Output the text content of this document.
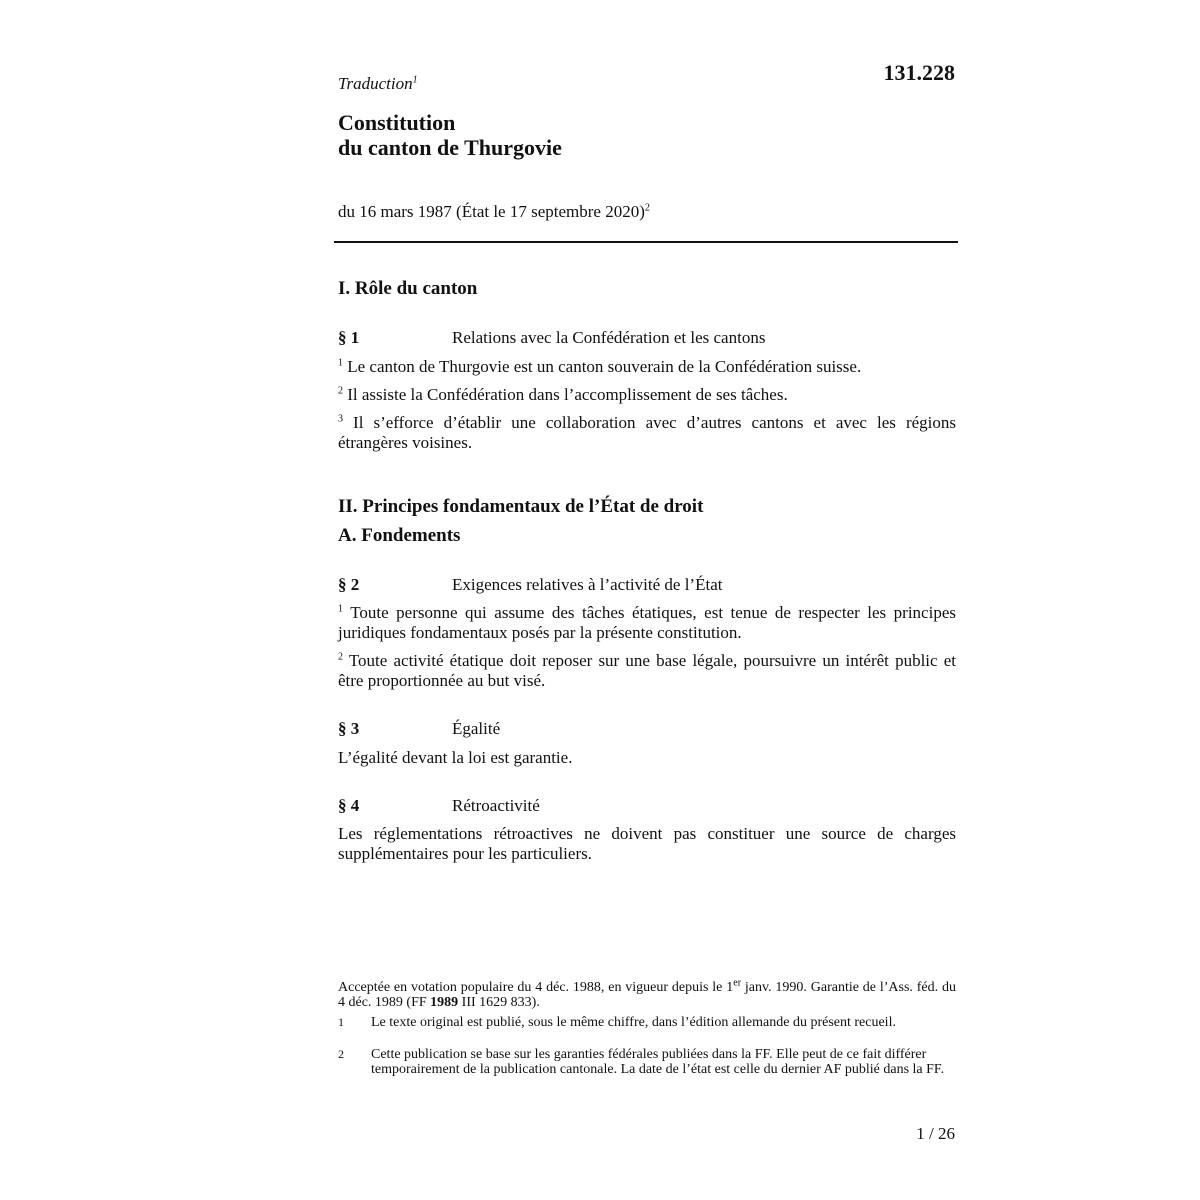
Traduction$^1$	131.228
Constitution
du canton de Thurgovie
du 16 mars 1987 (État le 17 septembre 2020)$^2$
I. Rôle du canton
§ 1	Relations avec la Confédération et les cantons
$^1$ Le canton de Thurgovie est un canton souverain de la Confédération suisse.
$^2$ Il assiste la Confédération dans l’accomplissement de ses tâches.
$^3$ Il s’efforce d’établir une collaboration avec d’autres cantons et avec les régions étrangères voisines.
II. Principes fondamentaux de l’État de droit
A. Fondements
§ 2	Exigences relatives à l’activité de l’État
$^1$ Toute personne qui assume des tâches étatiques, est tenue de respecter les principes juridiques fondamentaux posés par la présente constitution.
$^2$ Toute activité étatique doit reposer sur une base légale, poursuivre un intérêt public et être proportionnée au but visé.
§ 3	Égalité
L’égalité devant la loi est garantie.
§ 4	Rétroactivité
Les réglementations rétroactives ne doivent pas constituer une source de charges supplémentaires pour les particuliers.
Acceptée en votation populaire du 4 déc. 1988, en vigueur depuis le 1er janv. 1990. Garantie de l’Ass. féd. du 4 déc. 1989 (FF 1989 III 1629 833).
1	Le texte original est publié, sous le même chiffre, dans l’édition allemande du présent recueil.
2	Cette publication se base sur les garanties fédérales publiées dans la FF. Elle peut de ce fait différer temporairement de la publication cantonale. La date de l’état est celle du dernier AF publié dans la FF.
1 / 26
